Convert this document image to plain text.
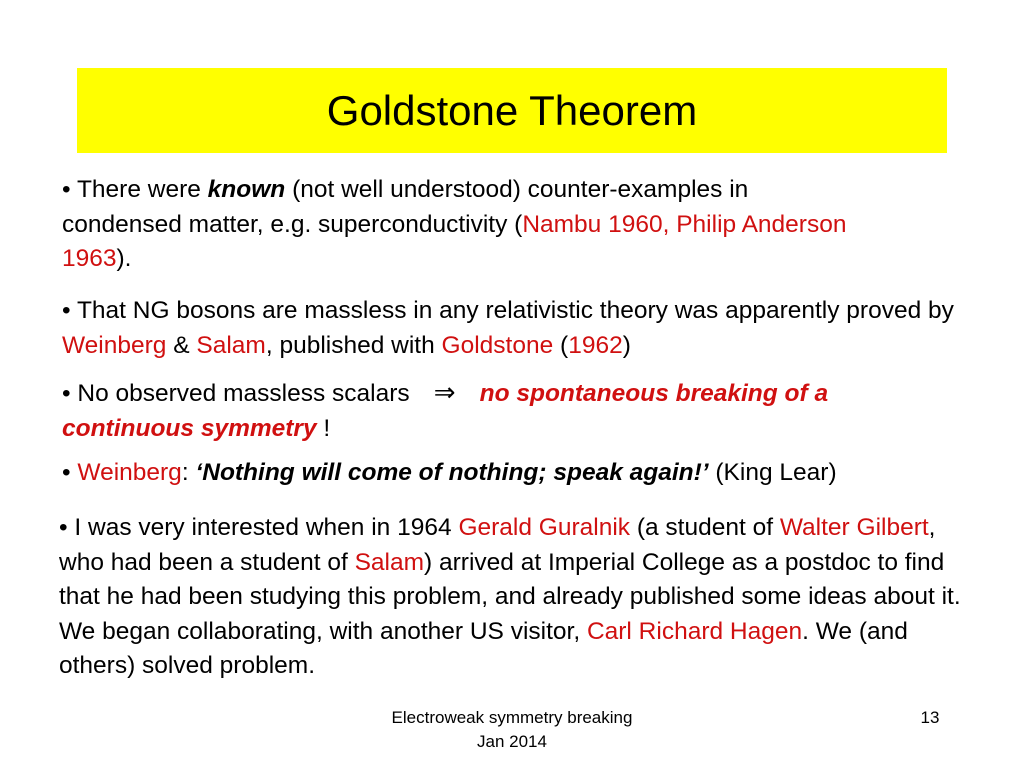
Goldstone Theorem

• There were known (not well understood) counter-examples in condensed matter, e.g. superconductivity (Nambu 1960, Philip Anderson 1963).

• That NG bosons are massless in any relativistic theory was apparently proved by Weinberg & Salam, published with Goldstone (1962)

• No observed massless scalars ⇒ no spontaneous breaking of a continuous symmetry !

• Weinberg: ‘Nothing will come of nothing; speak again!’ (King Lear)

• I was very interested when in 1964 Gerald Guralnik (a student of Walter Gilbert, who had been a student of Salam) arrived at Imperial College as a postdoc to find that he had been studying this problem, and already published some ideas about it. We began collaborating, with another US visitor, Carl Richard Hagen. We (and others) solved problem.

Electroweak symmetry breaking
Jan 2014
13
